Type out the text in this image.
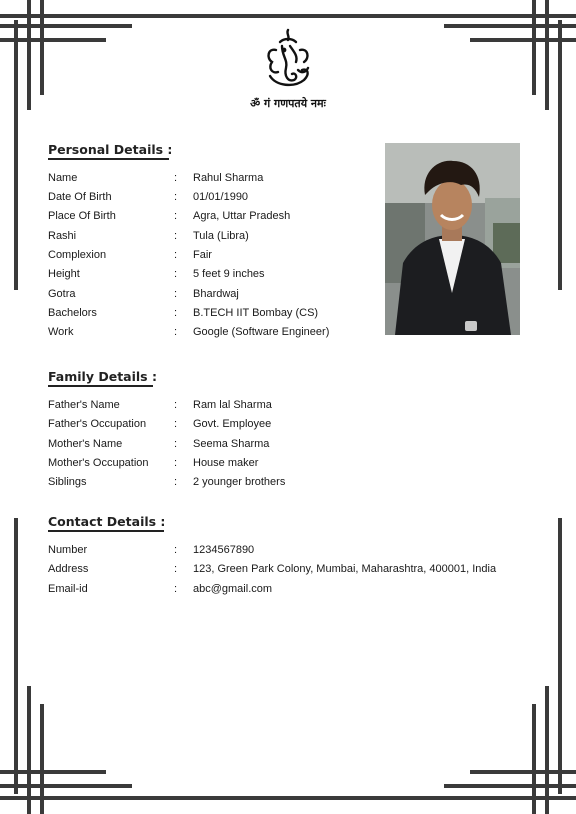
ॐ गं गणपतये नमः
Personal Details :
Name	: Rahul Sharma
Date Of Birth	: 01/01/1990
Place Of Birth	: Agra, Uttar Pradesh
Rashi	: Tula (Libra)
Complexion	: Fair
Height	: 5 feet 9 inches
Gotra	: Bhardwaj
Bachelors	: B.TECH IIT Bombay (CS)
Work	: Google (Software Engineer)
Family Details :
Father's Name	: Ram lal Sharma
Father's Occupation	: Govt. Employee
Mother's Name	: Seema Sharma
Mother's Occupation	: House maker
Siblings	: 2 younger brothers
Contact Details :
Number	: 1234567890
Address	: 123, Green Park Colony, Mumbai, Maharashtra, 400001, India
Email-id	: abc@gmail.com
